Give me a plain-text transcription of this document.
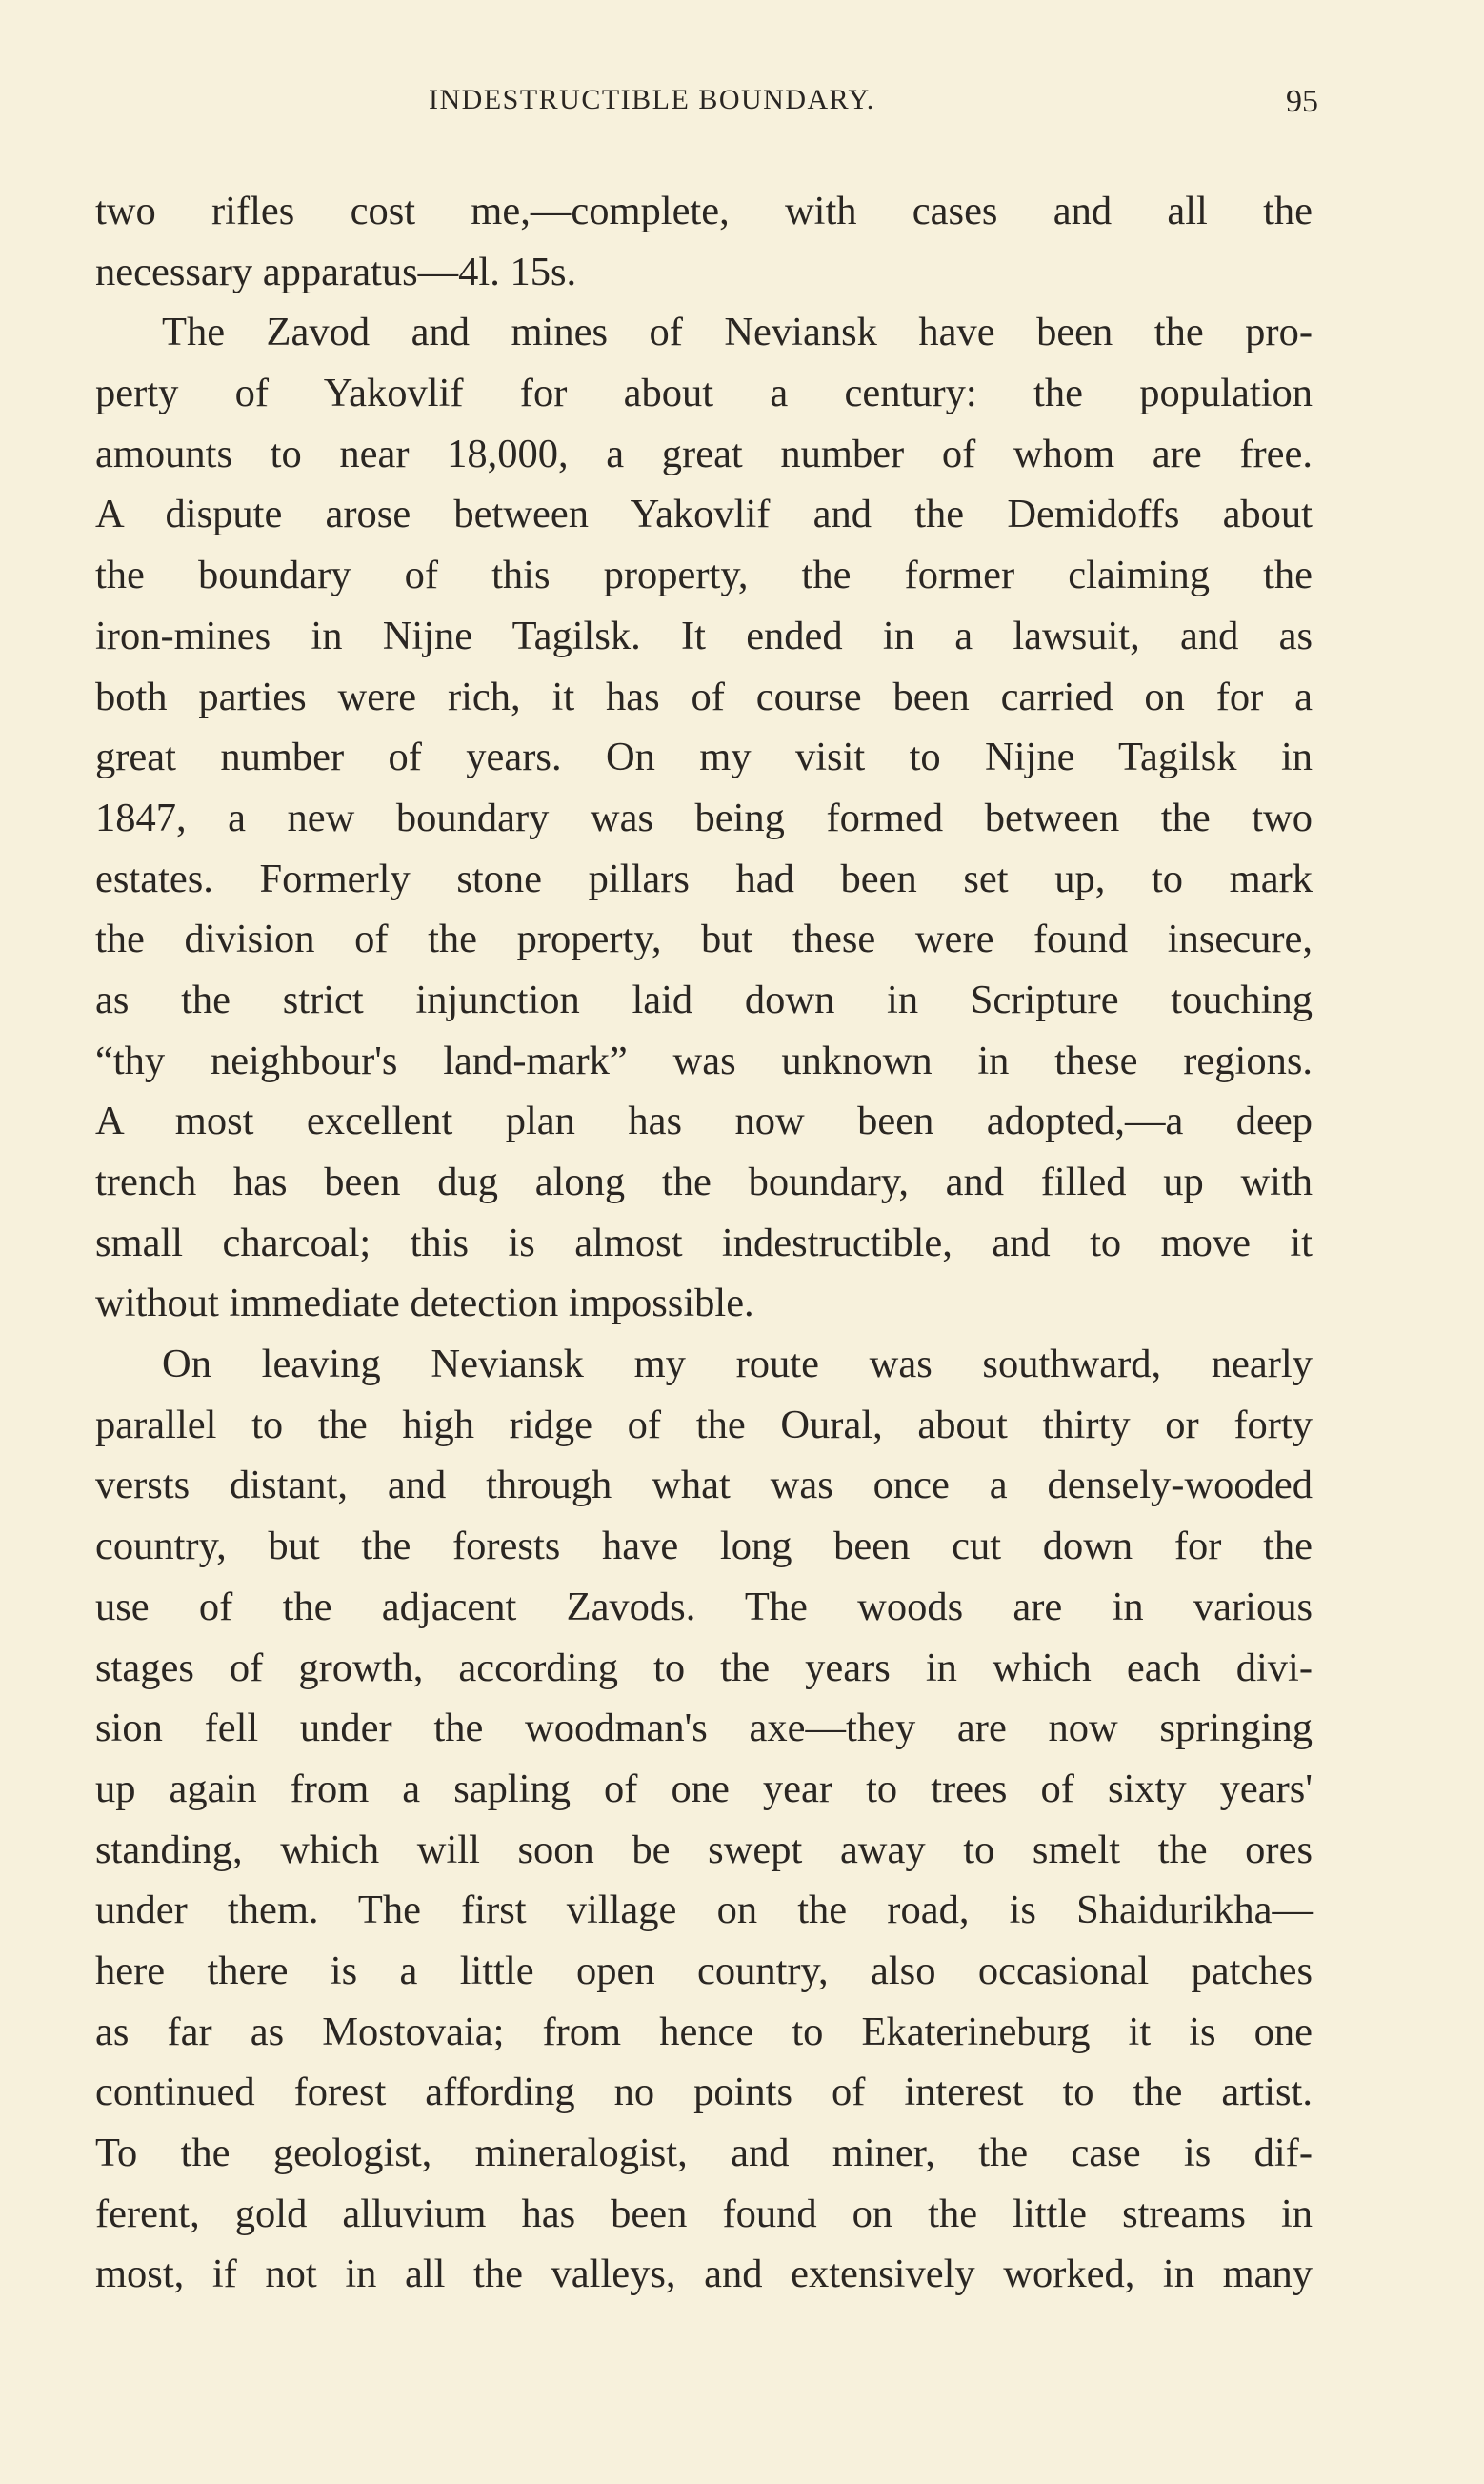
INDESTRUCTIBLE BOUNDARY.	95
two rifles cost me,—complete, with cases and all the
necessary apparatus—4l. 15s.
The Zavod and mines of Neviansk have been the pro-
perty of Yakovlif for about a century: the population
amounts to near 18,000, a great number of whom are free.
A dispute arose between Yakovlif and the Demidoffs about
the boundary of this property, the former claiming the
iron-mines in Nijne Tagilsk. It ended in a lawsuit, and as
both parties were rich, it has of course been carried on for a
great number of years. On my visit to Nijne Tagilsk in
1847, a new boundary was being formed between the two
estates. Formerly stone pillars had been set up, to mark
the division of the property, but these were found insecure,
as the strict injunction laid down in Scripture touching
“thy neighbour's land-mark” was unknown in these regions.
A most excellent plan has now been adopted,—a deep
trench has been dug along the boundary, and filled up with
small charcoal; this is almost indestructible, and to move it
without immediate detection impossible.
On leaving Neviansk my route was southward, nearly
parallel to the high ridge of the Oural, about thirty or forty
versts distant, and through what was once a densely-wooded
country, but the forests have long been cut down for the
use of the adjacent Zavods. The woods are in various
stages of growth, according to the years in which each divi-
sion fell under the woodman's axe—they are now springing
up again from a sapling of one year to trees of sixty years'
standing, which will soon be swept away to smelt the ores
under them. The first village on the road, is Shaidurikha—
here there is a little open country, also occasional patches
as far as Mostovaia; from hence to Ekaterineburg it is one
continued forest affording no points of interest to the artist.
To the geologist, mineralogist, and miner, the case is dif-
ferent, gold alluvium has been found on the little streams in
most, if not in all the valleys, and extensively worked, in many
